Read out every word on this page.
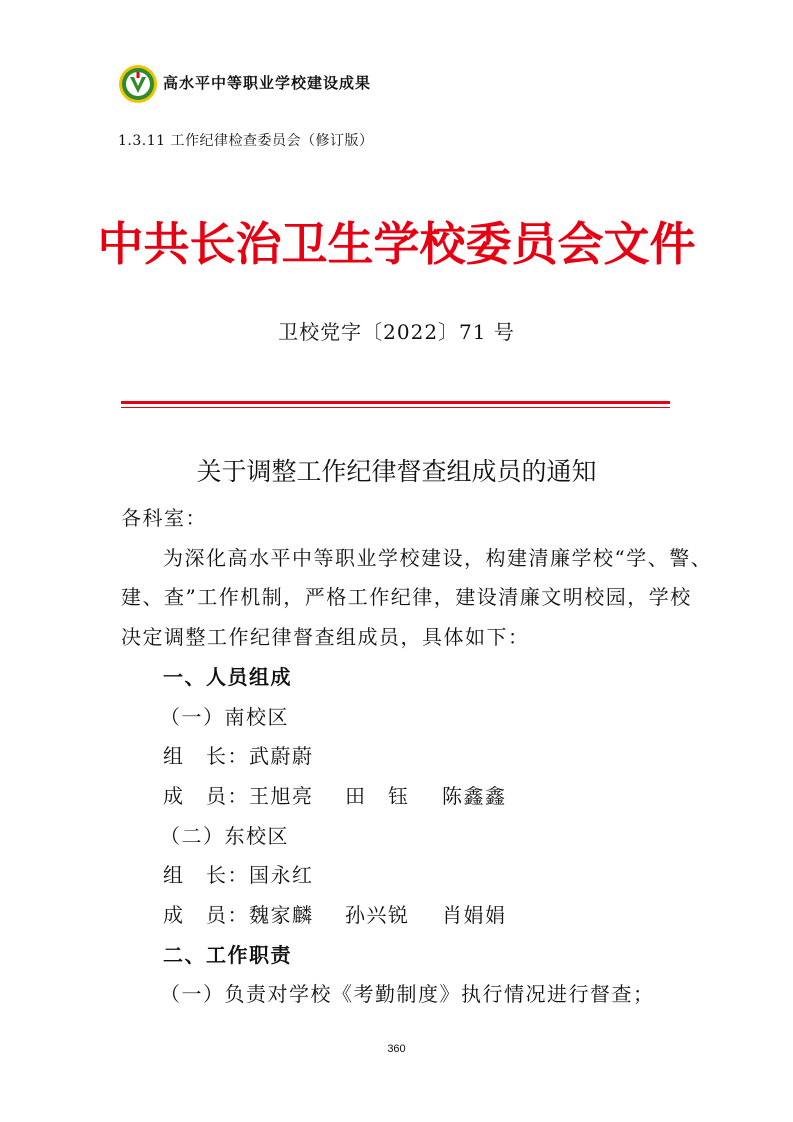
高水平中等职业学校建设成果
1.3.11 工作纪律检查委员会（修订版）
中共长治卫生学校委员会文件
卫校党字〔2022〕71 号
关于调整工作纪律督查组成员的通知
各科室：
为深化高水平中等职业学校建设，构建清廉学校“学、警、
建、查”工作机制，严格工作纪律，建设清廉文明校园，学校
决定调整工作纪律督查组成员，具体如下：
一、人员组成
（一）南校区
组　长：武蔚蔚
成　员：王旭亮 田　钰 陈鑫鑫
（二）东校区
组　长：国永红
成　员：魏家麟 孙兴锐 肖娟娟
二、工作职责
（一）负责对学校《考勤制度》执行情况进行督查；
360
